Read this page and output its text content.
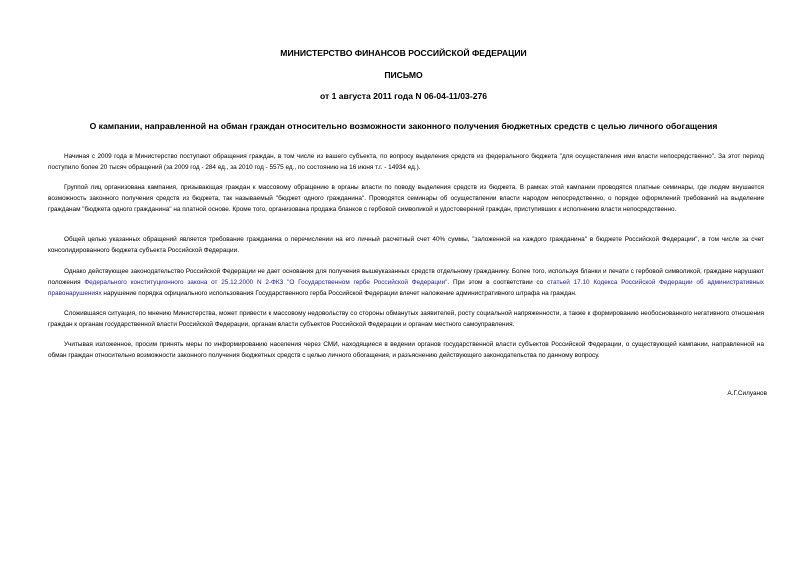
МИНИСТЕРСТВО ФИНАНСОВ РОССИЙСКОЙ ФЕДЕРАЦИИ
ПИСЬМО
от 1 августа 2011 года N 06-04-11/03-276
О кампании, направленной на обман граждан относительно возможности законного получения бюджетных средств с целью личного обогащения

Начиная с 2009 года в Министерство поступают обращения граждан, в том числе из вашего субъекта, по вопросу выделения средств из федерального бюджета "для осуществления ими власти непосредственно". За этот период поступило более 20 тысяч обращений (за 2009 год - 284 ед., за 2010 год - 5575 ед., по состоянию на 16 июня т.г. - 14934 ед.).

Группой лиц организована кампания, призывающая граждан к массовому обращению в органы власти по поводу выделения средств из бюджета. В рамках этой кампании проводятся платные семинары, где людям внушается возможность законного получения средств из бюджета, так называемый "бюджет одного гражданина". Проводятся семинары об осуществлении власти народом непосредственно, о порядке оформлений требований на выделение гражданам "бюджета одного гражданина" на платной основе. Кроме того, организована продажа бланков с гербовой символикой и удостоверений граждан, приступивших к исполнению власти непосредственно.

Общей целью указанных обращений является требование гражданина о перечислении на его личный расчетный счет 40% суммы, "заложенной на каждого гражданина" в бюджете Российской Федерации", в том числе за счет консолидированного бюджета субъекта Российской Федерации.

Однако действующее законодательство Российской Федерации не дает основания для получения вышеуказанных средств отдельному гражданину. Более того, используя бланки и печати с гербовой символикой, граждане нарушают положения Федерального конституционного закона от 25.12.2000 N 2-ФКЗ "О Государственном гербе Российской Федерации". При этом в соответствии со статьей 17.10 Кодекса Российской Федерации об административных правонарушениях нарушение порядка официального использования Государственного герба Российской Федерации влечет наложение административного штрафа на граждан.

Сложившаяся ситуация, по мнению Министерства, может привести к массовому недовольству со стороны обманутых заявителей, росту социальной напряженности, а также к формированию необоснованного негативного отношения граждан к органам государственной власти Российской Федерации, органам власти субъектов Российской Федерации и органам местного самоуправления.

Учитывая изложенное, просим принять меры по информированию населения через СМИ, находящиеся в ведении органов государственной власти субъектов Российской Федерации, о существующей кампании, направленной на обман граждан относительно возможности законного получения бюджетных средств с целью личного обогащения, и разъяснению действующего законодательства по данному вопросу.

А.Г.Силуанов
